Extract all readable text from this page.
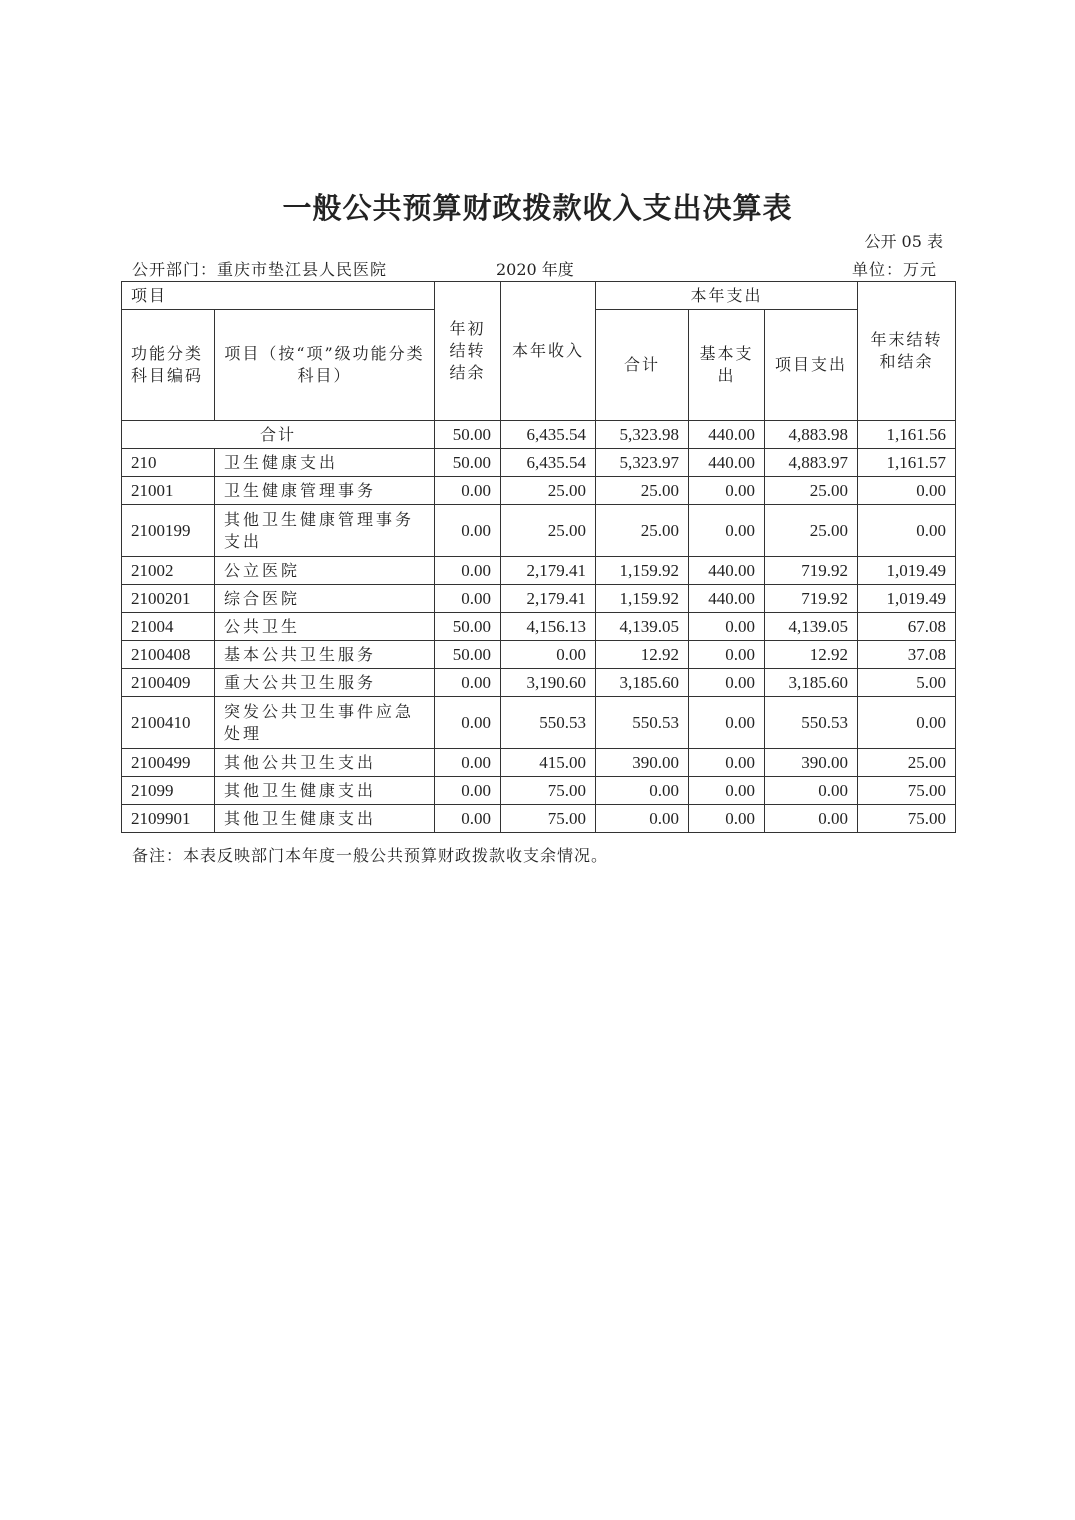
一般公共预算财政拨款收入支出决算表
公开 05 表
公开部门：重庆市垫江县人民医院	2020 年度	单位：万元
项目		年初结转结余	本年收入	本年支出			年末结转和结余
功能分类科目编码	项目（按“项”级功能分类科目）			合计	基本支出	项目支出	
合计		50.00	6,435.54	5,323.98	440.00	4,883.98	1,161.56
210	卫生健康支出	50.00	6,435.54	5,323.97	440.00	4,883.97	1,161.57
21001	卫生健康管理事务	0.00	25.00	25.00	0.00	25.00	0.00
2100199	其他卫生健康管理事务支出	0.00	25.00	25.00	0.00	25.00	0.00
21002	公立医院	0.00	2,179.41	1,159.92	440.00	719.92	1,019.49
2100201	综合医院	0.00	2,179.41	1,159.92	440.00	719.92	1,019.49
21004	公共卫生	50.00	4,156.13	4,139.05	0.00	4,139.05	67.08
2100408	基本公共卫生服务	50.00	0.00	12.92	0.00	12.92	37.08
2100409	重大公共卫生服务	0.00	3,190.60	3,185.60	0.00	3,185.60	5.00
2100410	突发公共卫生事件应急处理	0.00	550.53	550.53	0.00	550.53	0.00
2100499	其他公共卫生支出	0.00	415.00	390.00	0.00	390.00	25.00
21099	其他卫生健康支出	0.00	75.00	0.00	0.00	0.00	75.00
2109901	其他卫生健康支出	0.00	75.00	0.00	0.00	0.00	75.00
备注：本表反映部门本年度一般公共预算财政拨款收支余情况。
